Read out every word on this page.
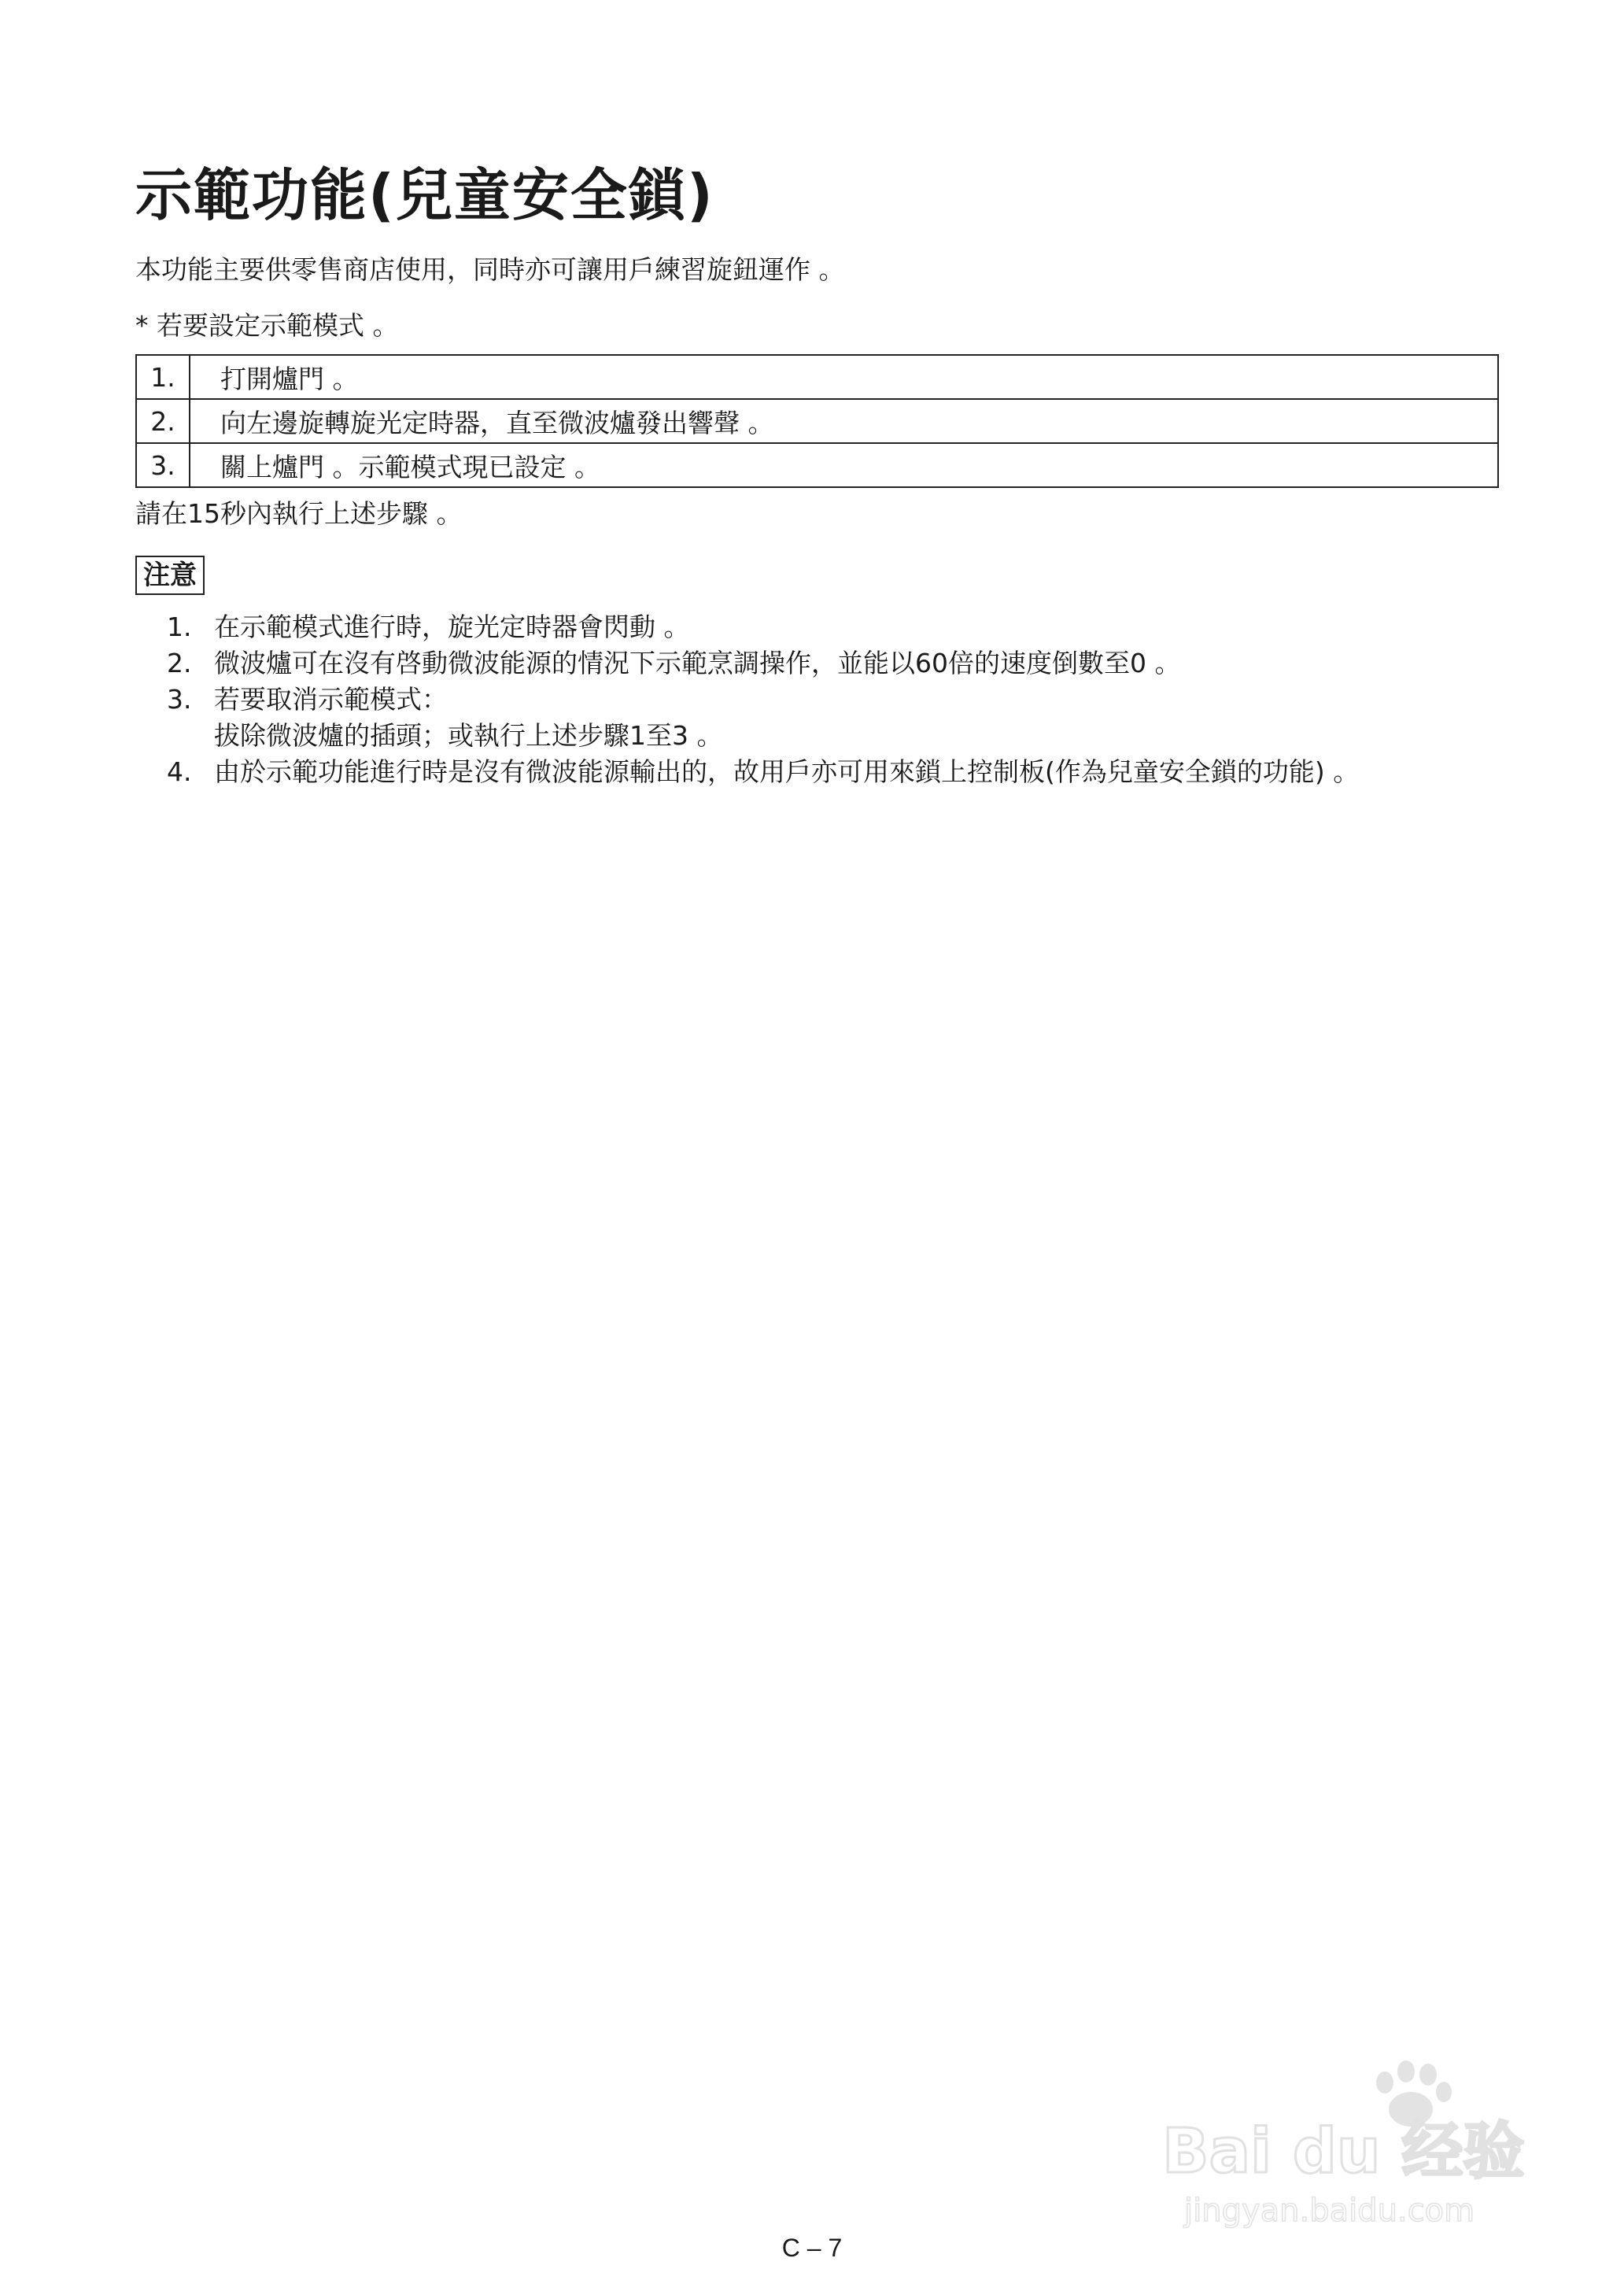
示範功能(兒童安全鎖)
本功能主要供零售商店使用，同時亦可讓用戶練習旋鈕運作 。
* 若要設定示範模式 。
1.	打開爐門 。
2.	向左邊旋轉旋光定時器，直至微波爐發出響聲 。
3.	關上爐門 。示範模式現已設定 。
請在15秒內執行上述步驟 。
注意
1. 在示範模式進行時，旋光定時器會閃動 。
2. 微波爐可在沒有啓動微波能源的情況下示範烹調操作，並能以60倍的速度倒數至0 。
3. 若要取消示範模式：
拔除微波爐的插頭；或執行上述步驟1至3 。
4. 由於示範功能進行時是沒有微波能源輸出的，故用戶亦可用來鎖上控制板(作為兒童安全鎖的功能) 。
Bai du 经验
jingyan.baidu.com
C – 7
